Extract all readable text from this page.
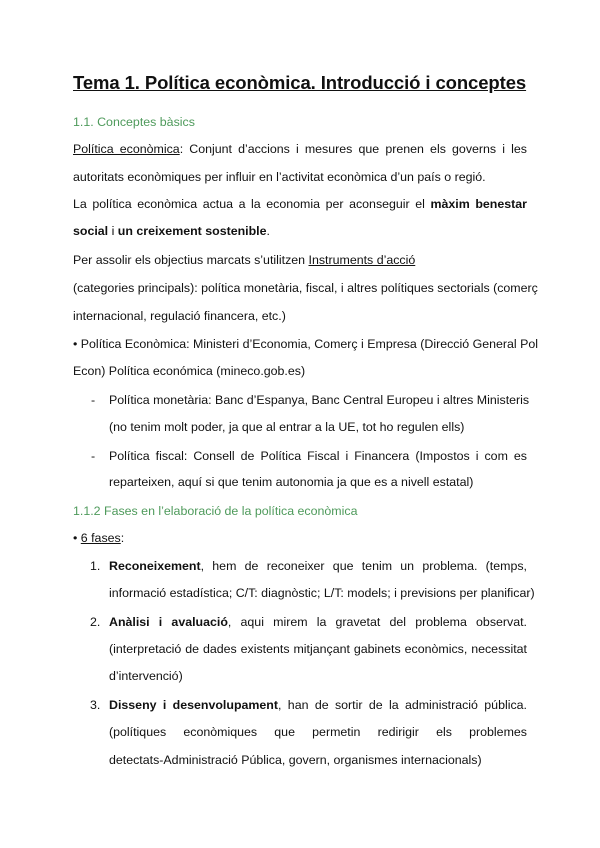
Tema 1. Política econòmica. Introducció i conceptes
1.1. Conceptes bàsics
Política econòmica: Conjunt d’accions i mesures que prenen els governs i les
autoritats econòmiques per influir en l’activitat econòmica d’un país o regió.
La política econòmica actua a la economia per aconseguir el màxim benestar
social i un creixement sostenible.
Per assolir els objectius marcats s’utilitzen Instruments d’acció
(categories principals): política monetària, fiscal, i altres polítiques sectorials (comerç
internacional, regulació financera, etc.)
• Política Econòmica: Ministeri d’Economia, Comerç i Empresa (Direcció General Pol
Econ) Política económica (mineco.gob.es)
- Política monetària: Banc d’Espanya, Banc Central Europeu i altres Ministeris
(no tenim molt poder, ja que al entrar a la UE, tot ho regulen ells)
- Política fiscal: Consell de Política Fiscal i Financera (Impostos i com es
reparteixen, aquí si que tenim autonomia ja que es a nivell estatal)
1.1.2 Fases en l’elaboració de la política econòmica
• 6 fases:
1. Reconeixement, hem de reconeixer que tenim un problema. (temps,
informació estadística; C/T: diagnòstic; L/T: models; i previsions per planificar)
2. Anàlisi i avaluació, aqui mirem la gravetat del problema observat.
(interpretació de dades existents mitjançant gabinets econòmics, necessitat
d’intervenció)
3. Disseny i desenvolupament, han de sortir de la administració pública.
(polítiques econòmiques que permetin redirigir els problemes
detectats-Administració Pública, govern, organismes internacionals)
